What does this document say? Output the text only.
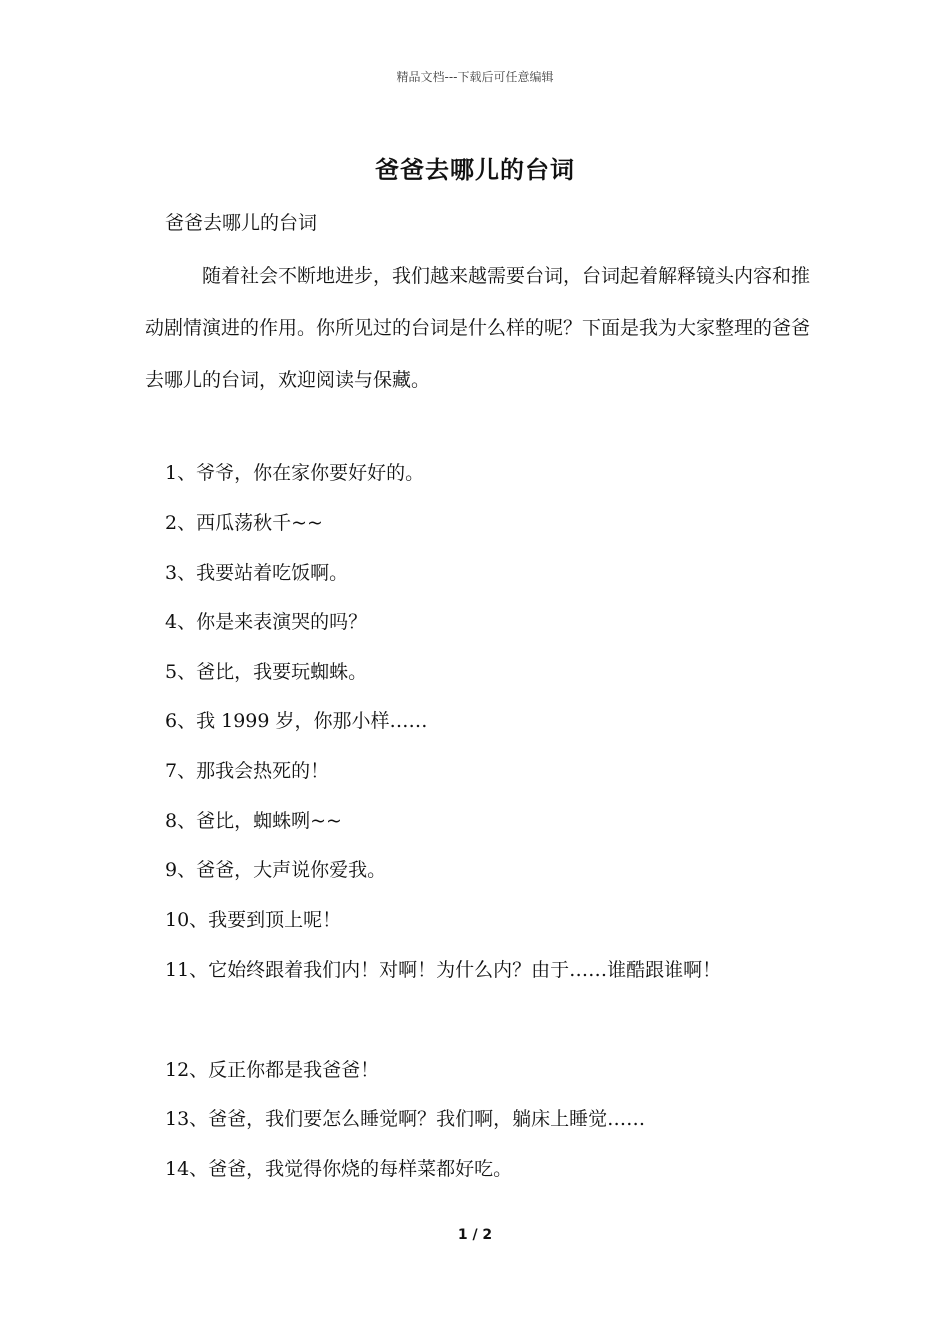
精品文档---下载后可任意编辑
爸爸去哪儿的台词
爸爸去哪儿的台词
随着社会不断地进步，我们越来越需要台词，台词起着解释镜头内容和推动剧情演进的作用。你所见过的台词是什么样的呢？下面是我为大家整理的爸爸去哪儿的台词，欢迎阅读与保藏。
1、爷爷，你在家你要好好的。
2、西瓜荡秋千~~
3、我要站着吃饭啊。
4、你是来表演哭的吗？
5、爸比，我要玩蜘蛛。
6、我 1999 岁，你那小样……
7、那我会热死的！
8、爸比，蜘蛛咧~~
9、爸爸，大声说你爱我。
10、我要到顶上呢！
11、它始终跟着我们内！对啊！为什么内？由于……谁酷跟谁啊！
12、反正你都是我爸爸！
13、爸爸，我们要怎么睡觉啊？我们啊，躺床上睡觉……
14、爸爸，我觉得你烧的每样菜都好吃。
1 / 2
